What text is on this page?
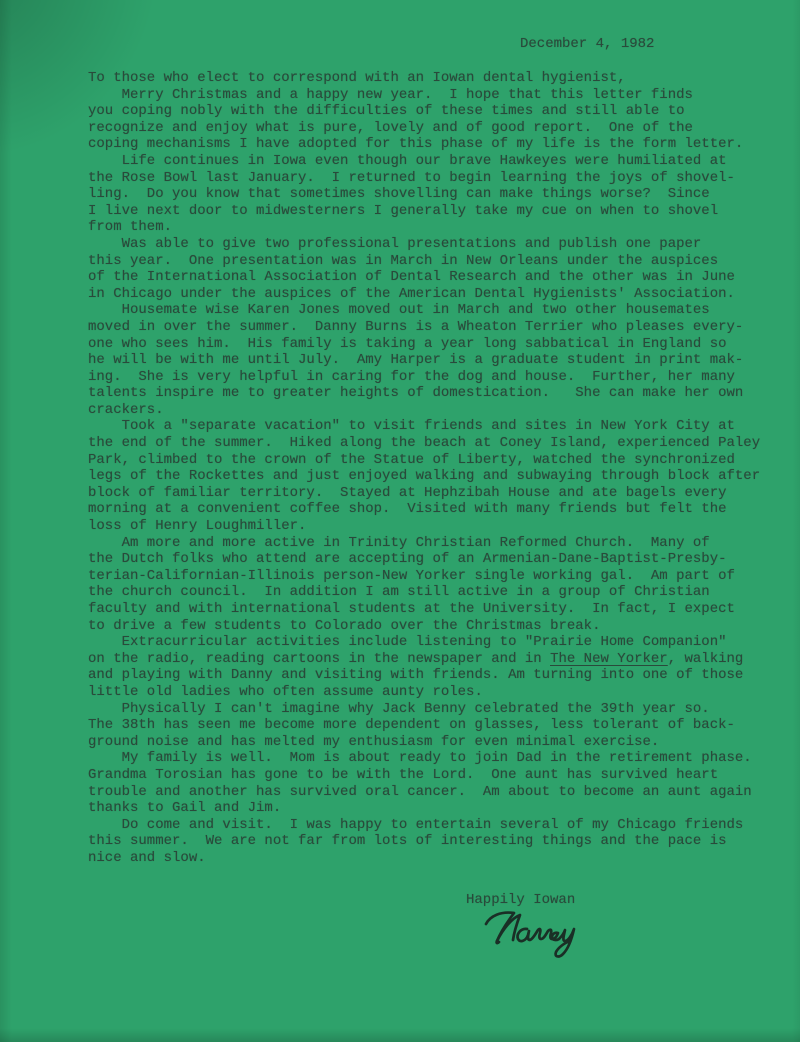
December 4, 1982
To those who elect to correspond with an Iowan dental hygienist,
Merry Christmas and a happy new year.  I hope that this letter finds
you coping nobly with the difficulties of these times and still able to
recognize and enjoy what is pure, lovely and of good report.  One of the
coping mechanisms I have adopted for this phase of my life is the form letter.
Life continues in Iowa even though our brave Hawkeyes were humiliated at
the Rose Bowl last January.  I returned to begin learning the joys of shovel-
ling.  Do you know that sometimes shovelling can make things worse?  Since
I live next door to midwesterners I generally take my cue on when to shovel
from them.
Was able to give two professional presentations and publish one paper
this year.  One presentation was in March in New Orleans under the auspices
of the International Association of Dental Research and the other was in June
in Chicago under the auspices of the American Dental Hygienists' Association.
Housemate wise Karen Jones moved out in March and two other housemates
moved in over the summer.  Danny Burns is a Wheaton Terrier who pleases every-
one who sees him.  His family is taking a year long sabbatical in England so
he will be with me until July.  Amy Harper is a graduate student in print mak-
ing.  She is very helpful in caring for the dog and house.  Further, her many
talents inspire me to greater heights of domestication.   She can make her own
crackers.
Took a "separate vacation" to visit friends and sites in New York City at
the end of the summer.  Hiked along the beach at Coney Island, experienced Paley
Park, climbed to the crown of the Statue of Liberty, watched the synchronized
legs of the Rockettes and just enjoyed walking and subwaying through block after
block of familiar territory.  Stayed at Hephzibah House and ate bagels every
morning at a convenient coffee shop.  Visited with many friends but felt the
loss of Henry Loughmiller.
Am more and more active in Trinity Christian Reformed Church.  Many of
the Dutch folks who attend are accepting of an Armenian-Dane-Baptist-Presby-
terian-Californian-Illinois person-New Yorker single working gal.  Am part of
the church council.  In addition I am still active in a group of Christian
faculty and with international students at the University.  In fact, I expect
to drive a few students to Colorado over the Christmas break.
Extracurricular activities include listening to "Prairie Home Companion"
on the radio, reading cartoons in the newspaper and in The New Yorker, walking
and playing with Danny and visiting with friends. Am turning into one of those
little old ladies who often assume aunty roles.
Physically I can't imagine why Jack Benny celebrated the 39th year so.
The 38th has seen me become more dependent on glasses, less tolerant of back-
ground noise and has melted my enthusiasm for even minimal exercise.
My family is well.  Mom is about ready to join Dad in the retirement phase.
Grandma Torosian has gone to be with the Lord.  One aunt has survived heart
trouble and another has survived oral cancer.  Am about to become an aunt again
thanks to Gail and Jim.
Do come and visit.  I was happy to entertain several of my Chicago friends
this summer.  We are not far from lots of interesting things and the pace is
nice and slow.
Happily Iowan
